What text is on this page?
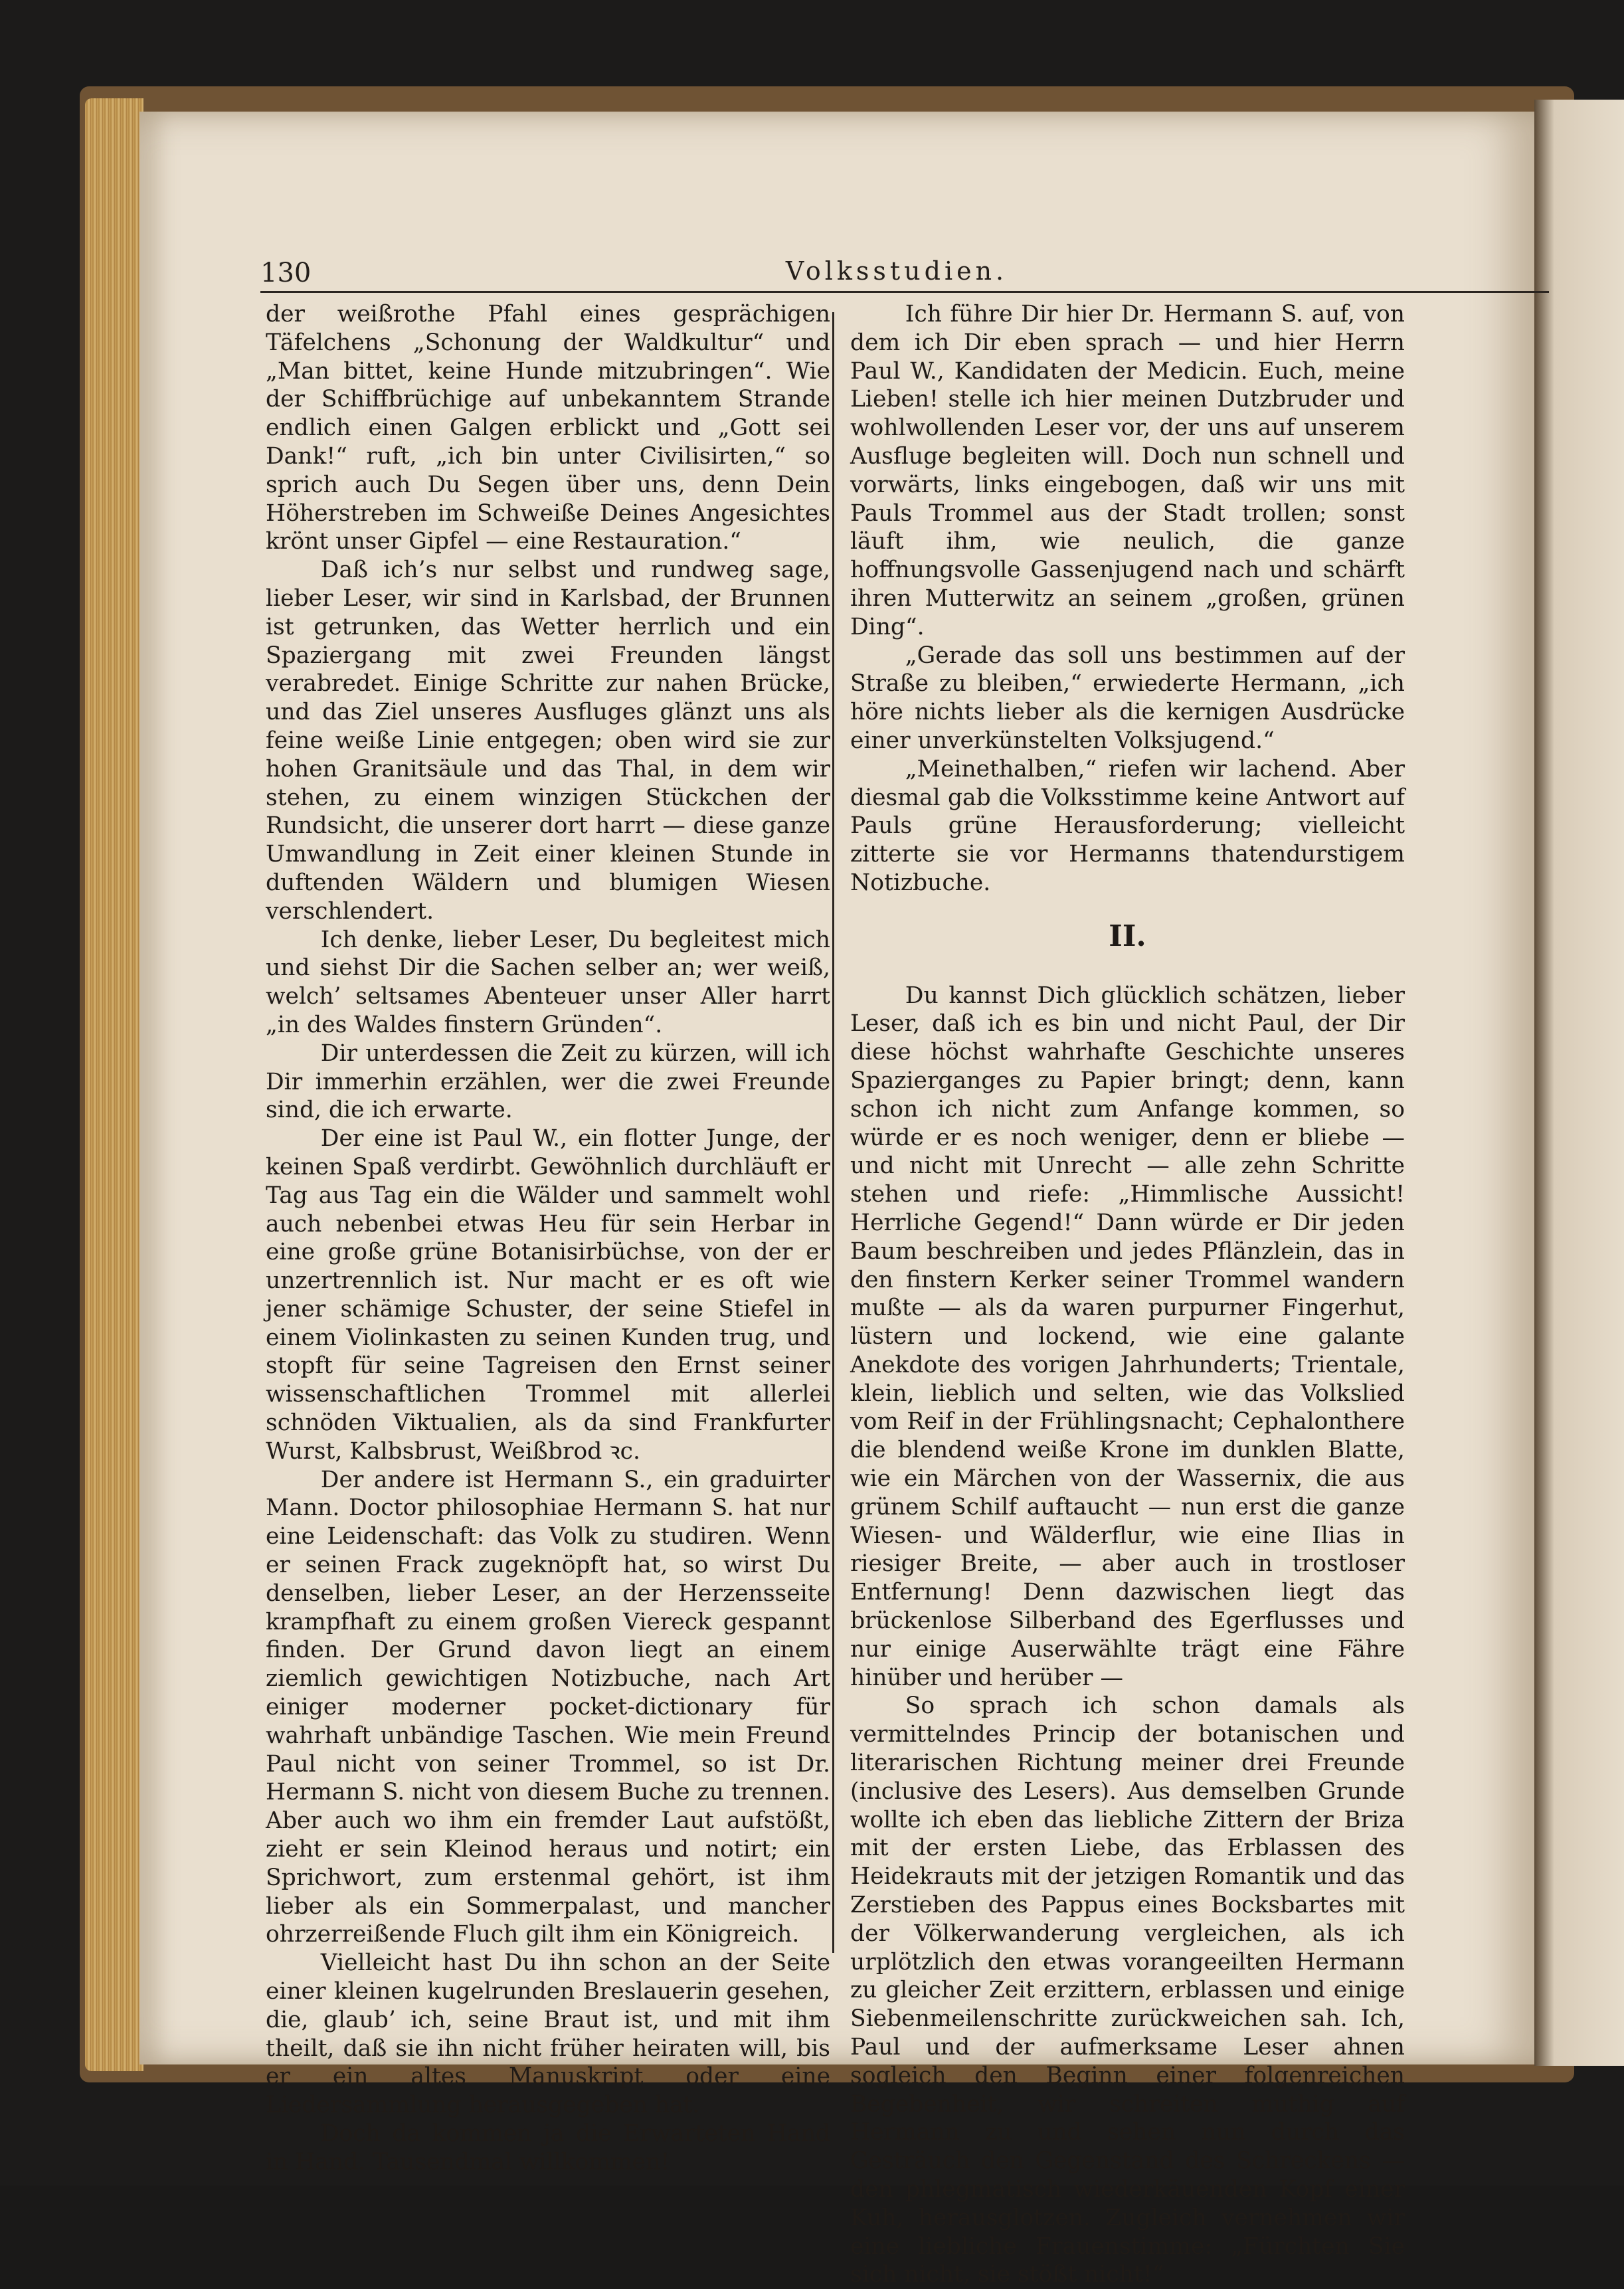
130	Volksstudien.

der weißrothe Pfahl eines gesprächigen Täfelchens „Schonung der Waldkultur“ und „Man bittet, keine Hunde mitzubringen“. Wie der Schiffbrüchige auf unbekanntem Strande endlich einen Galgen erblickt und „Gott sei Dank!“ ruft, „ich bin unter Civilisirten,“ so sprich auch Du Segen über uns, denn Dein Höherstreben im Schweiße Deines Angesichtes krönt unser Gipfel — eine Restauration.“

Daß ich’s nur selbst und rundweg sage, lieber Leser, wir sind in Karlsbad, der Brunnen ist getrunken, das Wetter herrlich und ein Spaziergang mit zwei Freunden längst verabredet. Einige Schritte zur nahen Brücke, und das Ziel unseres Ausfluges glänzt uns als feine weiße Linie entgegen; oben wird sie zur hohen Granitsäule und das Thal, in dem wir stehen, zu einem winzigen Stückchen der Rundsicht, die unserer dort harrt — diese ganze Umwandlung in Zeit einer kleinen Stunde in duftenden Wäldern und blumigen Wiesen verschlendert.

Ich denke, lieber Leser, Du begleitest mich und siehst Dir die Sachen selber an; wer weiß, welch’ seltsames Abenteuer unser Aller harrt „in des Waldes finstern Gründen“.

Dir unterdessen die Zeit zu kürzen, will ich Dir immerhin erzählen, wer die zwei Freunde sind, die ich erwarte.

Der eine ist Paul W., ein flotter Junge, der keinen Spaß verdirbt. Gewöhnlich durchläuft er Tag aus Tag ein die Wälder und sammelt wohl auch nebenbei etwas Heu für sein Herbar in eine große grüne Botanisirbüchse, von der er unzertrennlich ist. Nur macht er es oft wie jener schämige Schuster, der seine Stiefel in einem Violinkasten zu seinen Kunden trug, und stopft für seine Tagreisen den Ernst seiner wissenschaftlichen Trommel mit allerlei schnöden Viktualien, als da sind Frankfurter Wurst, Kalbsbrust, Weißbrod ꝛc.

Der andere ist Hermann S., ein graduirter Mann. Doctor philosophiae Hermann S. hat nur eine Leidenschaft: das Volk zu studiren. Wenn er seinen Frack zugeknöpft hat, so wirst Du denselben, lieber Leser, an der Herzensseite krampfhaft zu einem großen Viereck gespannt finden. Der Grund davon liegt an einem ziemlich gewichtigen Notizbuche, nach Art einiger moderner pocket-dictionary für wahrhaft unbändige Taschen. Wie mein Freund Paul nicht von seiner Trommel, so ist Dr. Hermann S. nicht von diesem Buche zu trennen. Aber auch wo ihm ein fremder Laut aufstößt, zieht er sein Kleinod heraus und notirt; ein Sprichwort, zum erstenmal gehört, ist ihm lieber als ein Sommerpalast, und mancher ohrzerreißende Fluch gilt ihm ein Königreich.

Vielleicht hast Du ihn schon an der Seite einer kleinen kugelrunden Breslauerin gesehen, die, glaub’ ich, seine Braut ist, und mit ihm theilt, daß sie ihn nicht früher heiraten will, bis er ein altes Manuskript oder eine Liedersammlung herausgegeben hat.

Doch da kommen ja die Erwarteten Hand in Hand. Tausendmal willkommen!

Ich führe Dir hier Dr. Hermann S. auf, von dem ich Dir eben sprach — und hier Herrn Paul W., Kandidaten der Medicin. Euch, meine Lieben! stelle ich hier meinen Dutzbruder und wohlwollenden Leser vor, der uns auf unserem Ausfluge begleiten will. Doch nun schnell und vorwärts, links eingebogen, daß wir uns mit Pauls Trommel aus der Stadt trollen; sonst läuft ihm, wie neulich, die ganze hoffnungsvolle Gassenjugend nach und schärft ihren Mutterwitz an seinem „großen, grünen Ding“.

„Gerade das soll uns bestimmen auf der Straße zu bleiben,“ erwiederte Hermann, „ich höre nichts lieber als die kernigen Ausdrücke einer unverkünstelten Volksjugend.“

„Meinethalben,“ riefen wir lachend. Aber diesmal gab die Volksstimme keine Antwort auf Pauls grüne Herausforderung; vielleicht zitterte sie vor Hermanns thatendurstigem Notizbuche.

II.

Du kannst Dich glücklich schätzen, lieber Leser, daß ich es bin und nicht Paul, der Dir diese höchst wahrhafte Geschichte unseres Spazierganges zu Papier bringt; denn, kann schon ich nicht zum Anfange kommen, so würde er es noch weniger, denn er bliebe — und nicht mit Unrecht — alle zehn Schritte stehen und riefe: „Himmlische Aussicht! Herrliche Gegend!“ Dann würde er Dir jeden Baum beschreiben und jedes Pflänzlein, das in den finstern Kerker seiner Trommel wandern mußte — als da waren purpurner Fingerhut, lüstern und lockend, wie eine galante Anekdote des vorigen Jahrhunderts; Trientale, klein, lieblich und selten, wie das Volkslied vom Reif in der Frühlingsnacht; Cephalonthere die blendend weiße Krone im dunklen Blatte, wie ein Märchen von der Wassernix, die aus grünem Schilf auftaucht — nun erst die ganze Wiesen- und Wälderflur, wie eine Ilias in riesiger Breite, — aber auch in trostloser Entfernung! Denn dazwischen liegt das brückenlose Silberband des Egerflusses und nur einige Auserwählte trägt eine Fähre hinüber und herüber —

So sprach ich schon damals als vermittelndes Princip der botanischen und literarischen Richtung meiner drei Freunde (inclusive des Lesers). Aus demselben Grunde wollte ich eben das liebliche Zittern der Briza mit der ersten Liebe, das Erblassen des Heidekrauts mit der jetzigen Romantik und das Zerstieben des Pappus eines Bocksbartes mit der Völkerwanderung vergleichen, als ich urplötzlich den etwas vorangeeilten Hermann zu gleicher Zeit erzittern, erblassen und einige Siebenmeilenschritte zurückweichen sah. Ich, Paul und der aufmerksame Leser ahnen sogleich den Beginn einer folgenreichen Begebenheit, wir schreiten muthig auf Hermann zu und sehen nun durch das Gesträuch den Gegenstand des Schreckens — den phlegmatisch wiederkäuenden Kopf einer Kuh, herausglotzen. Zugleich vernehmen wir eine liebliche Frauenstimme: „Fürchten Sie sich nicht, sie stößt nicht!“
